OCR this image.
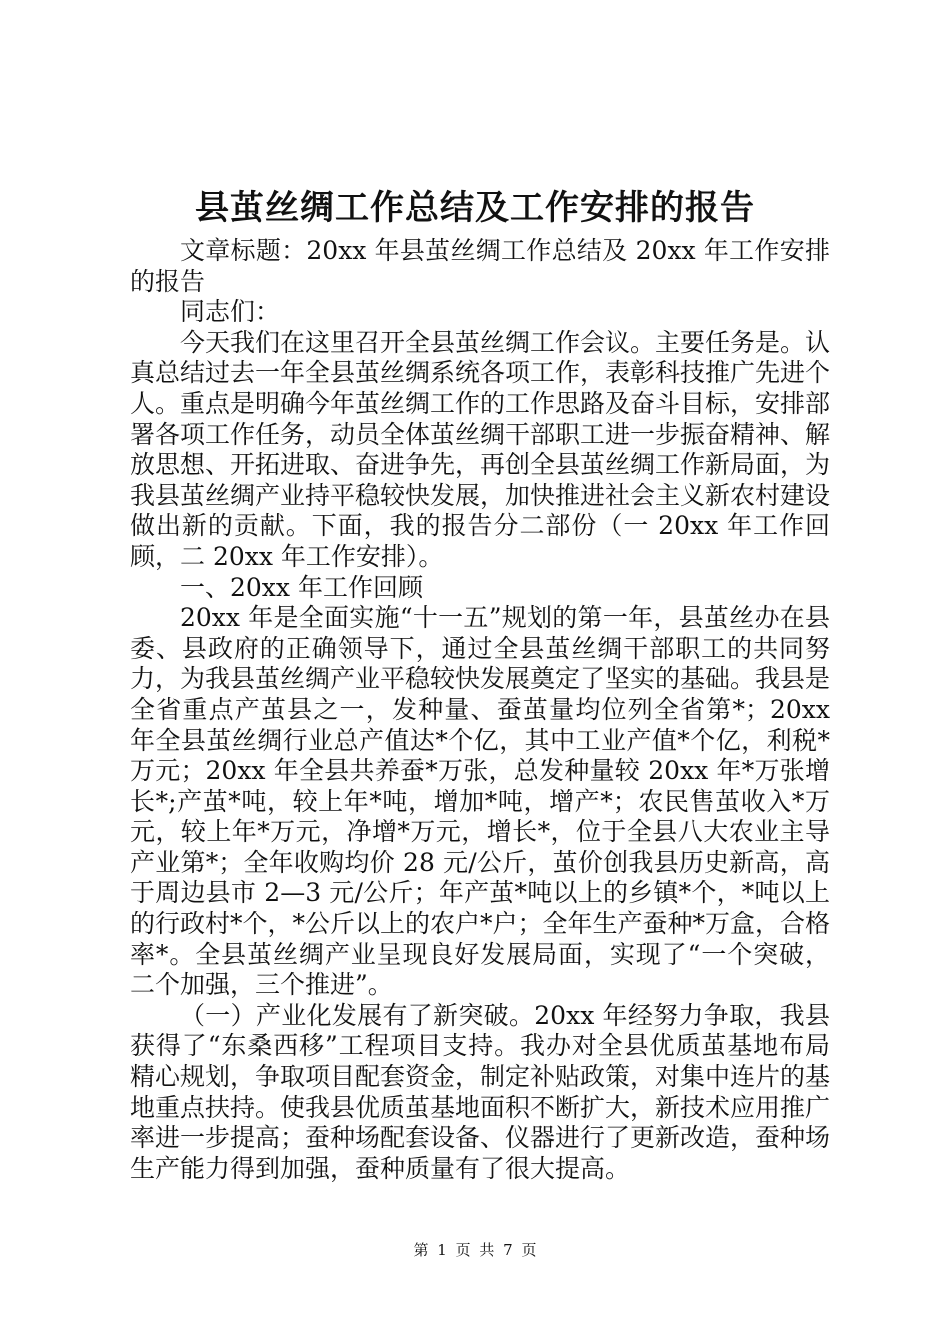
县茧丝绸工作总结及工作安排的报告

文章标题：20xx 年县茧丝绸工作总结及 20xx 年工作安排的报告

同志们：

今天我们在这里召开全县茧丝绸工作会议。主要任务是。认真总结过去一年全县茧丝绸系统各项工作，表彰科技推广先进个人。重点是明确今年茧丝绸工作的工作思路及奋斗目标，安排部署各项工作任务，动员全体茧丝绸干部职工进一步振奋精神、解放思想、开拓进取、奋进争先，再创全县茧丝绸工作新局面，为我县茧丝绸产业持平稳较快发展，加快推进社会主义新农村建设做出新的贡献。下面，我的报告分二部份（一 20xx 年工作回顾，二 20xx 年工作安排）。

一、20xx 年工作回顾

20xx 年是全面实施“十一五”规划的第一年，县茧丝办在县委、县政府的正确领导下，通过全县茧丝绸干部职工的共同努力，为我县茧丝绸产业平稳较快发展奠定了坚实的基础。我县是全省重点产茧县之一，发种量、蚕茧量均位列全省第*；20xx 年全县茧丝绸行业总产值达*个亿，其中工业产值*个亿，利税*万元；20xx 年全县共养蚕*万张，总发种量较 20xx 年*万张增长*;产茧*吨，较上年*吨，增加*吨，增产*；农民售茧收入*万元，较上年*万元，净增*万元，增长*，位于全县八大农业主导产业第*；全年收购均价 28 元/公斤，茧价创我县历史新高，高于周边县市 2—3 元/公斤；年产茧*吨以上的乡镇*个，*吨以上的行政村*个，*公斤以上的农户*户；全年生产蚕种*万盒，合格率*。全县茧丝绸产业呈现良好发展局面，实现了“一个突破，二个加强，三个推进”。

（一）产业化发展有了新突破。20xx 年经努力争取，我县获得了“东桑西移”工程项目支持。我办对全县优质茧基地布局精心规划，争取项目配套资金，制定补贴政策，对集中连片的基地重点扶持。使我县优质茧基地面积不断扩大，新技术应用推广率进一步提高；蚕种场配套设备、仪器进行了更新改造，蚕种场生产能力得到加强，蚕种质量有了很大提高。

第 1 页 共 7 页
